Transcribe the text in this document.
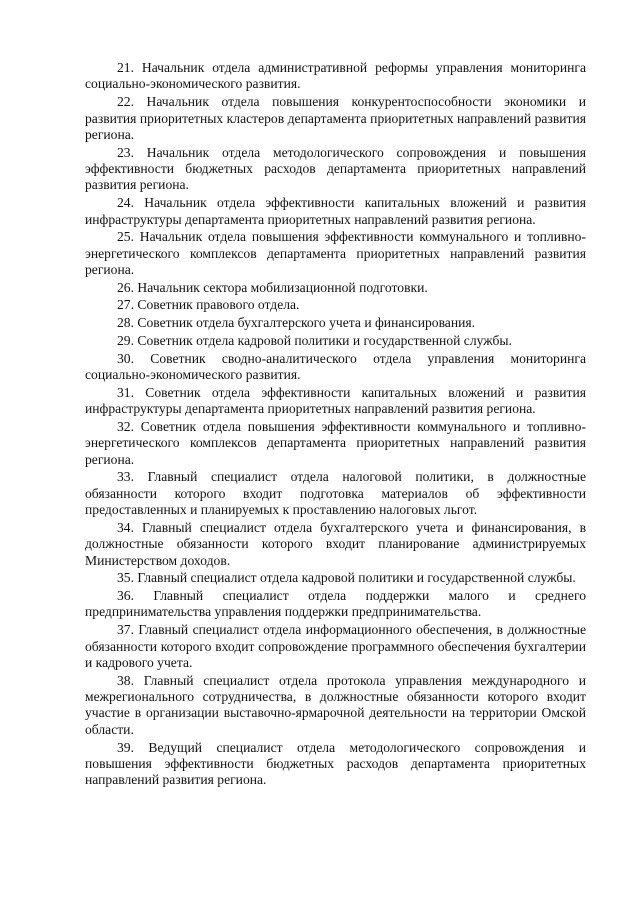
21. Начальник отдела административной реформы управления мониторинга социально-экономического развития.

22. Начальник отдела повышения конкурентоспособности экономики и развития приоритетных кластеров департамента приоритетных направлений развития региона.

23. Начальник отдела методологического сопровождения и повышения эффективности бюджетных расходов департамента приоритетных направлений развития региона.

24. Начальник отдела эффективности капитальных вложений и развития инфраструктуры департамента приоритетных направлений развития региона.

25. Начальник отдела повышения эффективности коммунального и топливно-энергетического комплексов департамента приоритетных направлений развития региона.

26. Начальник сектора мобилизационной подготовки.

27. Советник правового отдела.

28. Советник отдела бухгалтерского учета и финансирования.

29. Советник отдела кадровой политики и государственной службы.

30. Советник сводно-аналитического отдела управления мониторинга социально-экономического развития.

31. Советник отдела эффективности капитальных вложений и развития инфраструктуры департамента приоритетных направлений развития региона.

32. Советник отдела повышения эффективности коммунального и топливно-энергетического комплексов департамента приоритетных направлений развития региона.

33. Главный специалист отдела налоговой политики, в должностные обязанности которого входит подготовка материалов об эффективности предоставленных и планируемых к проставлению налоговых льгот.

34. Главный специалист отдела бухгалтерского учета и финансирования, в должностные обязанности которого входит планирование администрируемых Министерством доходов.

35. Главный специалист отдела кадровой политики и государственной службы.

36. Главный специалист отдела поддержки малого и среднего предпринимательства управления поддержки предпринимательства.

37. Главный специалист отдела информационного обеспечения, в должностные обязанности которого входит сопровождение программного обеспечения бухгалтерии и кадрового учета.

38. Главный специалист отдела протокола управления международного и межрегионального сотрудничества, в должностные обязанности которого входит участие в организации выставочно-ярмарочной деятельности на территории Омской области.

39. Ведущий специалист отдела методологического сопровождения и повышения эффективности бюджетных расходов департамента приоритетных направлений развития региона.
